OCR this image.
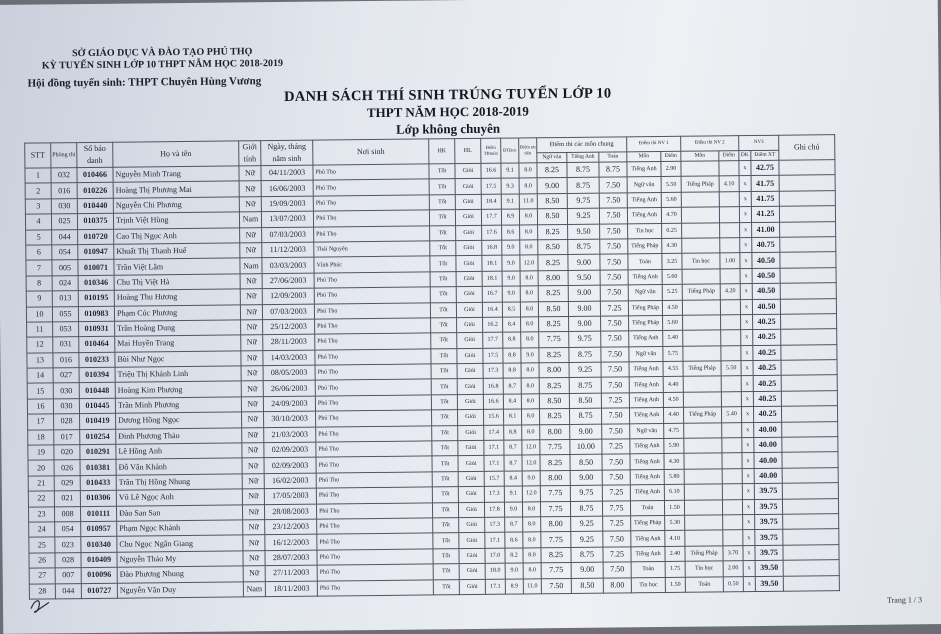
SỞ GIÁO DỤC VÀ ĐÀO TẠO PHÚ THỌ
KỲ TUYỂN SINH LỚP 10 THPT NĂM HỌC 2018-2019
Hội đồng tuyển sinh: THPT Chuyên Hùng Vương
DANH SÁCH THÍ SINH TRÚNG TUYỂN LỚP 10
THPT NĂM HỌC 2018-2019
Lớp không chuyên
STT	Phòng thi	Số báo danh	Họ và tên	Giới tính	Ngày, tháng năm sinh	Nơi sinh	HK	HL	Điểm TBmôn	ĐTBcn	Điểm ưu tiên	Điểm thi các môn chung			Điểm thi NV 1		Điểm thi NV 2		NV3		Ghi chú
												Ngữ văn	Tiếng Anh	Toán	Môn	Điểm	Môn	Điểm	ĐK	Điểm XT	
1	032	010466	Nguyễn Minh Trang	Nữ	04/11/2003	Phú Thọ	Tốt	Giỏi	16.6	9.1	8.0	8.25	8.75	8.75	Tiếng Anh	2.90			x	42.75	
2	016	010226	Hoàng Thị Phương Mai	Nữ	16/06/2003	Phú Thọ	Tốt	Giỏi	17.5	9.3	8.0	9.00	8.75	7.50	Ngữ văn	5.50	Tiếng Pháp	4.10	x	41.75	
3	030	010440	Nguyễn Chi Phương	Nữ	19/09/2003	Phú Thọ	Tốt	Giỏi	18.4	9.1	11.0	8.50	9.75	7.50	Tiếng Anh	5.60			x	41.75	
4	025	010375	Trịnh Việt Hùng	Nam	13/07/2003	Phú Thọ	Tốt	Giỏi	17.7	8.9	8.0	8.50	9.25	7.50	Tiếng Anh	4.70			x	41.25	
5	044	010720	Cao Thị Ngọc Anh	Nữ	07/03/2003	Phú Thọ	Tốt	Giỏi	17.6	8.6	8.0	8.25	9.50	7.50	Tin học	0.25			x	41.00	
6	054	010947	Khuất Thị Thanh Huế	Nữ	11/12/2003	Thái Nguyên	Tốt	Giỏi	16.8	9.0	8.0	8.50	8.75	7.50	Tiếng Pháp	4.30			x	40.75	
7	005	010071	Trần Việt Lâm	Nam	03/03/2003	Vĩnh Phúc	Tốt	Giỏi	18.1	9.0	12.0	8.25	9.00	7.50	Toán	3.25	Tin học	1.00	x	40.50	
8	024	010346	Chu Thị Việt Hà	Nữ	27/06/2003	Phú Thọ	Tốt	Giỏi	18.1	9.0	8.0	8.00	9.50	7.50	Tiếng Anh	5.60			x	40.50	
9	013	010195	Hoàng Thu Hương	Nữ	12/09/2003	Phú Thọ	Tốt	Giỏi	16.7	9.0	8.0	8.25	9.00	7.50	Ngữ văn	5.25	Tiếng Pháp	4.20	x	40.50	
10	055	010983	Phạm Cúc Phương	Nữ	07/03/2003	Phú Thọ	Tốt	Giỏi	16.4	8.5	8.0	8.50	9.00	7.25	Tiếng Pháp	4.50			x	40.50	
11	053	010931	Trần Hoàng Dung	Nữ	25/12/2003	Phú Thọ	Tốt	Giỏi	16.2	8.4	8.0	8.25	9.00	7.50	Tiếng Pháp	5.60			x	40.25	
12	031	010464	Mai Huyền Trang	Nữ	28/11/2003	Phú Thọ	Tốt	Giỏi	17.7	8.8	8.0	7.75	9.75	7.50	Tiếng Anh	5.40			x	40.25	
13	016	010233	Bùi Như Ngọc	Nữ	14/03/2003	Phú Thọ	Tốt	Giỏi	17.5	8.8	9.0	8.25	8.75	7.50	Ngữ văn	5.75			x	40.25	
14	027	010394	Triệu Thị Khánh Linh	Nữ	08/05/2003	Phú Thọ	Tốt	Giỏi	17.3	8.8	8.0	8.00	9.25	7.50	Tiếng Anh	4.55	Tiếng Pháp	5.50	x	40.25	
15	030	010448	Hoàng Kim Phượng	Nữ	26/06/2003	Phú Thọ	Tốt	Giỏi	16.8	8.7	8.0	8.25	8.75	7.50	Tiếng Anh	4.40			x	40.25	
16	030	010445	Trần Minh Phương	Nữ	24/09/2003	Phú Thọ	Tốt	Giỏi	16.6	8.4	8.0	8.50	8.50	7.25	Tiếng Anh	4.50			x	40.25	
17	028	010419	Dương Hồng Ngọc	Nữ	30/10/2003	Phú Thọ	Tốt	Giỏi	15.6	8.1	8.0	8.25	8.75	7.50	Tiếng Anh	4.40	Tiếng Pháp	5.40	x	40.25	
18	017	010254	Đinh Phương Thảo	Nữ	21/03/2003	Phú Thọ	Tốt	Giỏi	17.4	8.8	8.0	8.00	9.00	7.50	Ngữ văn	4.75			x	40.00	
19	020	010291	Lê Hồng Anh	Nữ	02/09/2003	Phú Thọ	Tốt	Giỏi	17.1	8.7	12.0	7.75	10.00	7.25	Tiếng Anh	5.90			x	40.00	
20	026	010381	Đỗ Vân Khánh	Nữ	02/09/2003	Phú Thọ	Tốt	Giỏi	17.1	8.7	12.0	8.25	8.50	7.50	Tiếng Anh	4.30			x	40.00	
21	029	010433	Trần Thị Hồng Nhung	Nữ	16/02/2003	Phú Thọ	Tốt	Giỏi	15.7	8.4	9.0	8.00	9.00	7.50	Tiếng Anh	5.80			x	40.00	
22	021	010306	Vũ Lê Ngọc Anh	Nữ	17/05/2003	Phú Thọ	Tốt	Giỏi	17.3	9.1	12.0	7.75	9.75	7.25	Tiếng Anh	6.10			x	39.75	
23	008	010111	Đào San San	Nữ	28/08/2003	Phú Thọ	Tốt	Giỏi	17.8	9.0	8.0	7.75	8.75	7.75	Toán	1.50			x	39.75	
24	054	010957	Phạm Ngọc Khánh	Nữ	23/12/2003	Phú Thọ	Tốt	Giỏi	17.3	8.7	8.0	8.00	9.25	7.25	Tiếng Pháp	5.30			x	39.75	
25	023	010340	Chu Ngọc Ngân Giang	Nữ	16/12/2003	Phú Thọ	Tốt	Giỏi	17.1	8.6	8.0	7.75	9.25	7.50	Tiếng Anh	4.10			x	39.75	
26	028	010409	Nguyễn Thảo My	Nữ	28/07/2003	Phú Thọ	Tốt	Giỏi	17.0	8.2	8.0	8.25	8.75	7.25	Tiếng Anh	2.40	Tiếng Pháp	3.70	x	39.75	
27	007	010096	Đào Phương Nhung	Nữ	27/11/2003	Phú Thọ	Tốt	Giỏi	18.0	9.0	8.0	7.75	9.00	7.50	Toán	1.75	Tin học	2.00	x	39.50	
28	044	010727	Nguyễn Văn Duy	Nam	18/11/2003	Phú Thọ	Tốt	Giỏi	17.1	8.9	11.0	7.50	8.50	8.00	Tin học	1.50	Toán	0.50	x	39.50	
Trang 1 / 3
